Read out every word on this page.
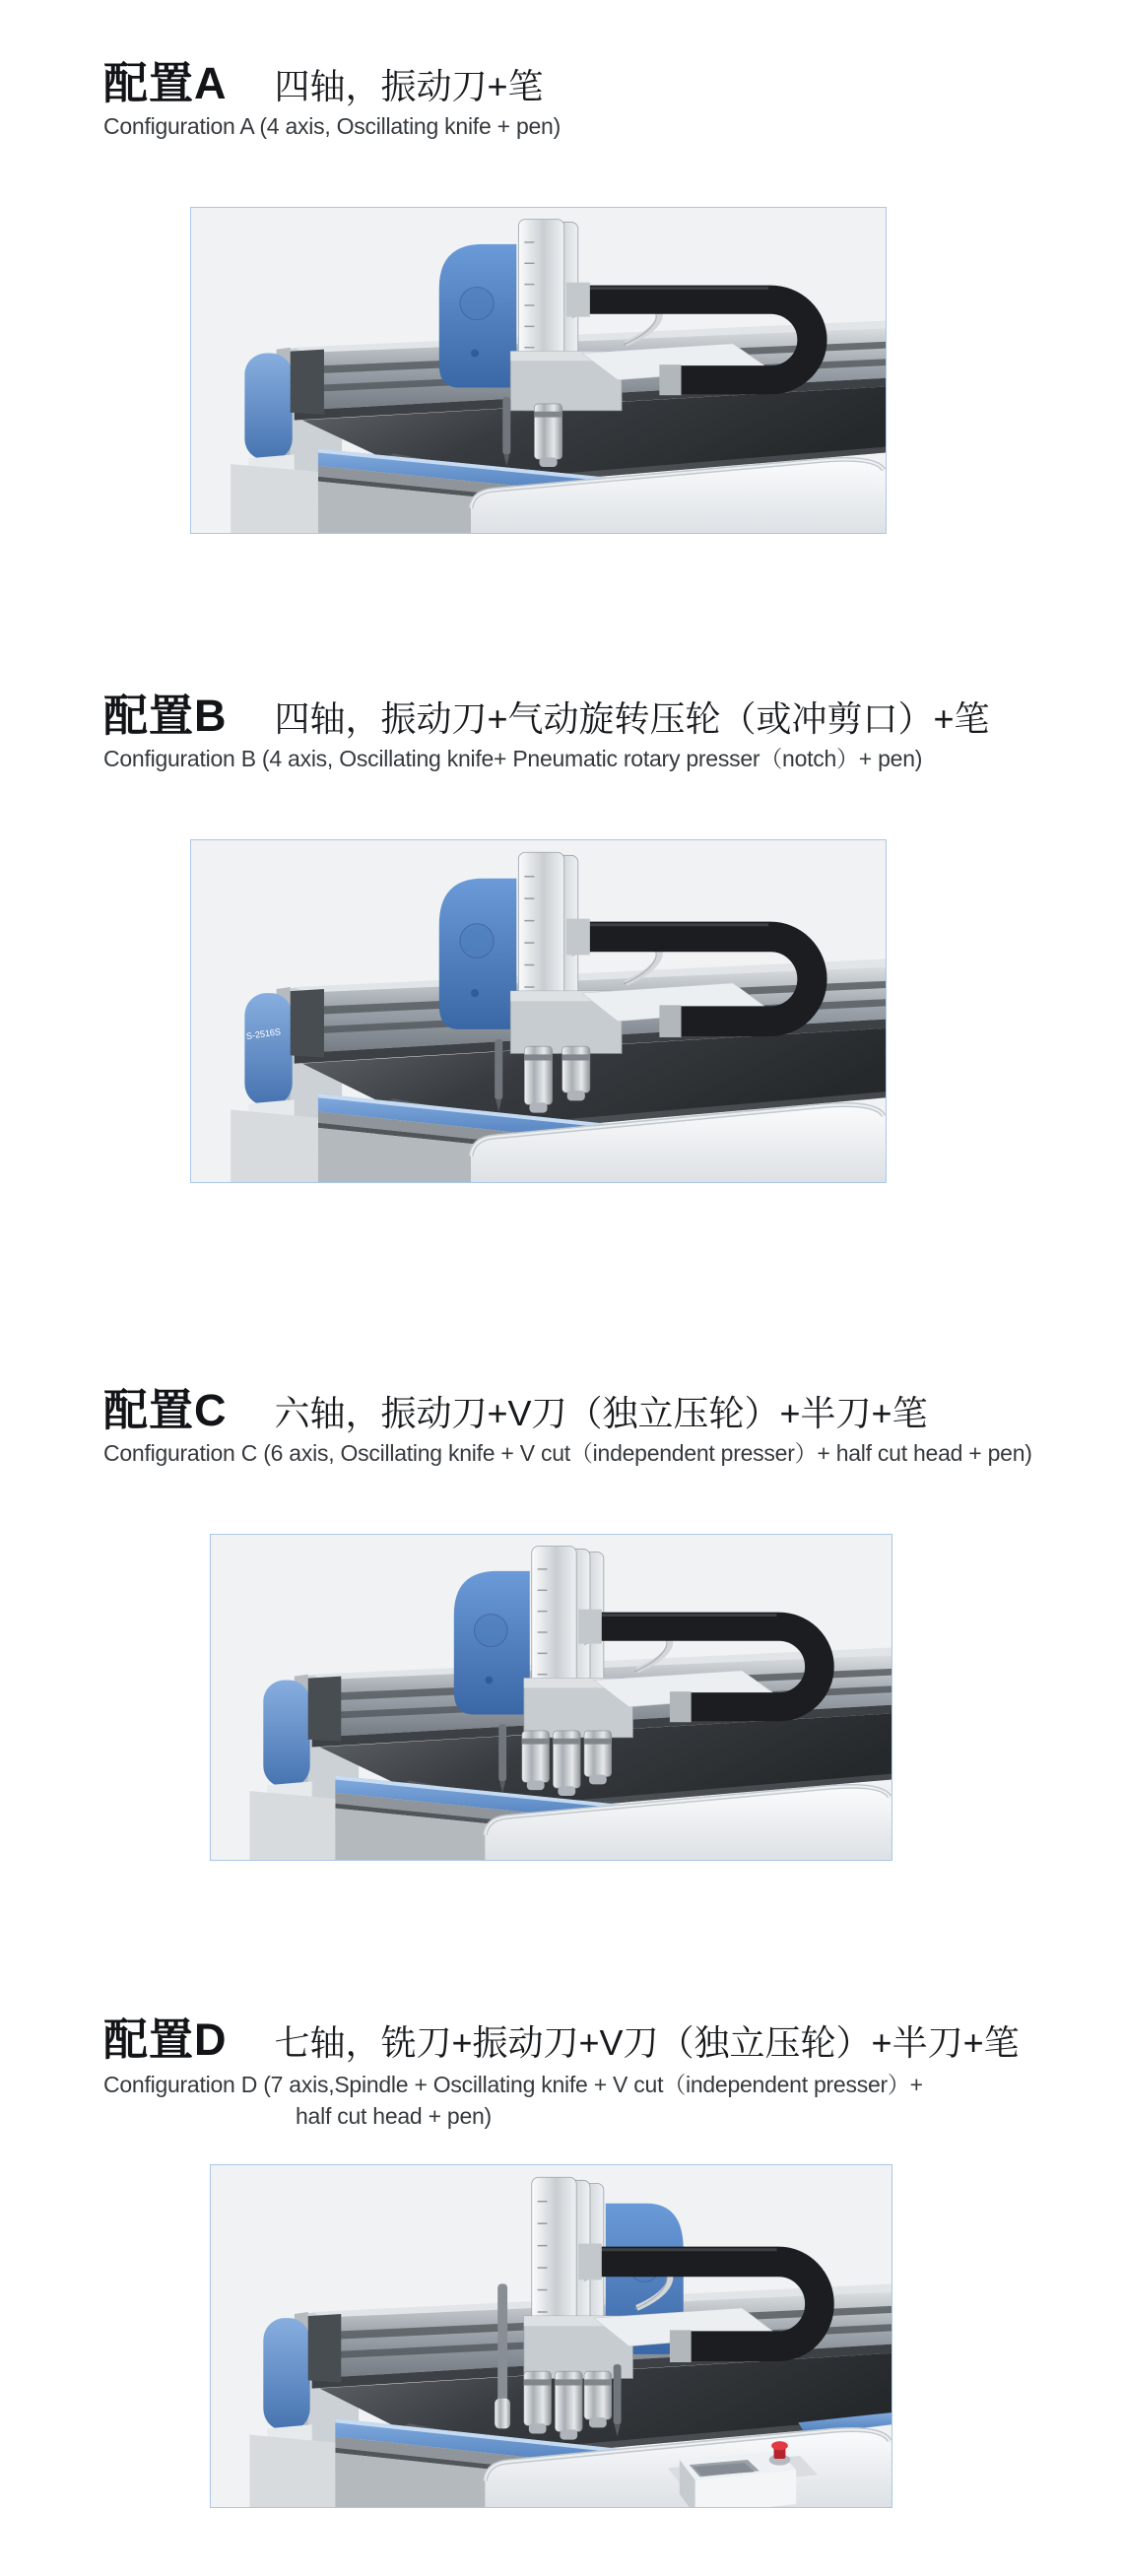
配置A 四轴，振动刀+笔
Configuration A (4 axis, Oscillating knife + pen)
配置B 四轴，振动刀+气动旋转压轮（或冲剪口）+笔
Configuration B (4 axis, Oscillating knife+ Pneumatic rotary presser（notch）+ pen)
S-2516S
配置C 六轴，振动刀+V刀（独立压轮）+半刀+笔
Configuration C (6 axis, Oscillating knife + V cut（independent presser）+ half cut head + pen)
配置D 七轴，铣刀+振动刀+V刀（独立压轮）+半刀+笔
Configuration D (7 axis,Spindle + Oscillating knife + V cut（independent presser）+
half cut head + pen)
